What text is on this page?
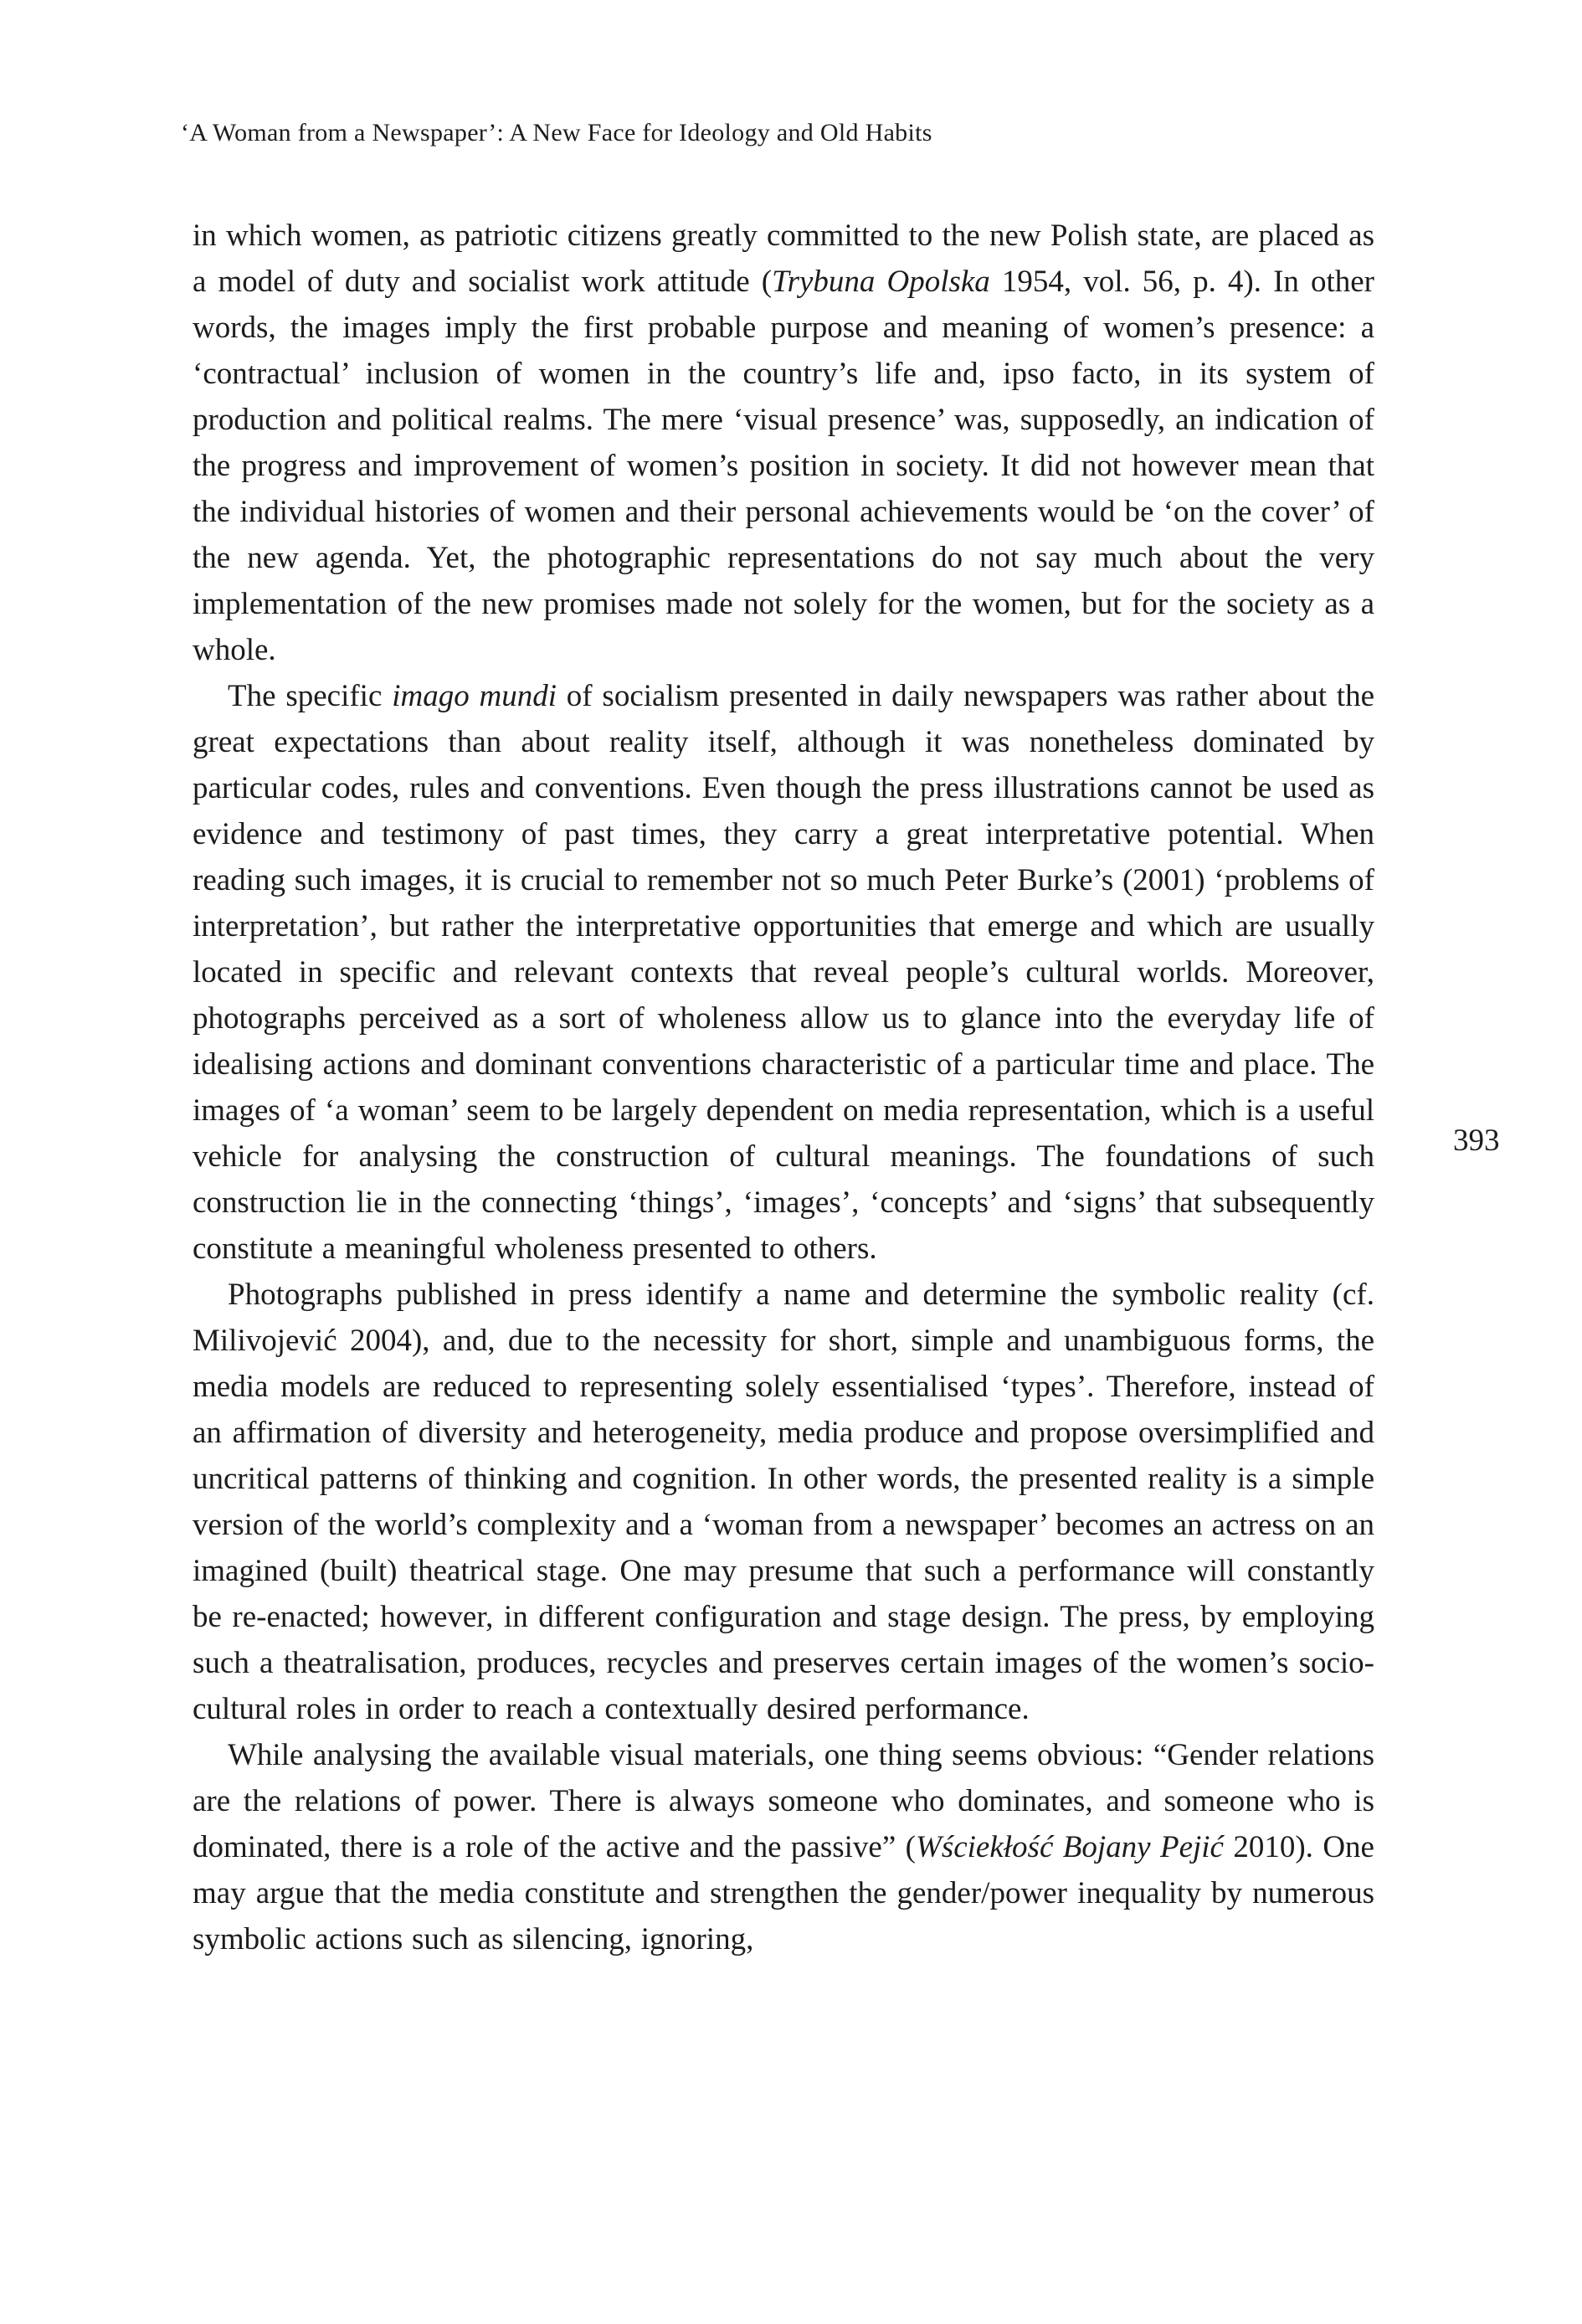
‘A Woman from a Newspaper’: A New Face for Ideology and Old Habits
393

in which women, as patriotic citizens greatly committed to the new Polish state, are placed as a model of duty and socialist work attitude (Trybuna Opolska 1954, vol. 56, p. 4). In other words, the images imply the first probable purpose and meaning of women’s presence: a ‘contractual’ inclusion of women in the country’s life and, ipso facto, in its system of production and political realms. The mere ‘visual presence’ was, supposedly, an indication of the progress and improvement of women’s position in society. It did not however mean that the individual histories of women and their personal achievements would be ‘on the cover’ of the new agenda. Yet, the photographic representations do not say much about the very implementation of the new promises made not solely for the women, but for the society as a whole.

The specific imago mundi of socialism presented in daily newspapers was rather about the great expectations than about reality itself, although it was nonetheless dominated by particular codes, rules and conventions. Even though the press illustrations cannot be used as evidence and testimony of past times, they carry a great interpretative potential. When reading such images, it is crucial to remember not so much Peter Burke’s (2001) ‘problems of interpretation’, but rather the interpretative opportunities that emerge and which are usually located in specific and relevant contexts that reveal people’s cultural worlds. Moreover, photographs perceived as a sort of wholeness allow us to glance into the everyday life of idealising actions and dominant conventions characteristic of a particular time and place. The images of ‘a woman’ seem to be largely dependent on media representation, which is a useful vehicle for analysing the construction of cultural meanings. The foundations of such construction lie in the connecting ‘things’, ‘images’, ‘concepts’ and ‘signs’ that subsequently constitute a meaningful wholeness presented to others.

Photographs published in press identify a name and determine the symbolic reality (cf. Milivojević 2004), and, due to the necessity for short, simple and unambiguous forms, the media models are reduced to representing solely essentialised ‘types’. Therefore, instead of an affirmation of diversity and heterogeneity, media produce and propose oversimplified and uncritical patterns of thinking and cognition. In other words, the presented reality is a simple version of the world’s complexity and a ‘woman from a newspaper’ becomes an actress on an imagined (built) theatrical stage. One may presume that such a performance will constantly be re-enacted; however, in different configuration and stage design. The press, by employing such a theatralisation, produces, recycles and preserves certain images of the women’s socio-cultural roles in order to reach a contextually desired performance.

While analysing the available visual materials, one thing seems obvious: “Gender relations are the relations of power. There is always someone who dominates, and someone who is dominated, there is a role of the active and the passive” (Wściekłość Bojany Pejić 2010). One may argue that the media constitute and strengthen the gender/power inequality by numerous symbolic actions such as silencing, ignoring,
